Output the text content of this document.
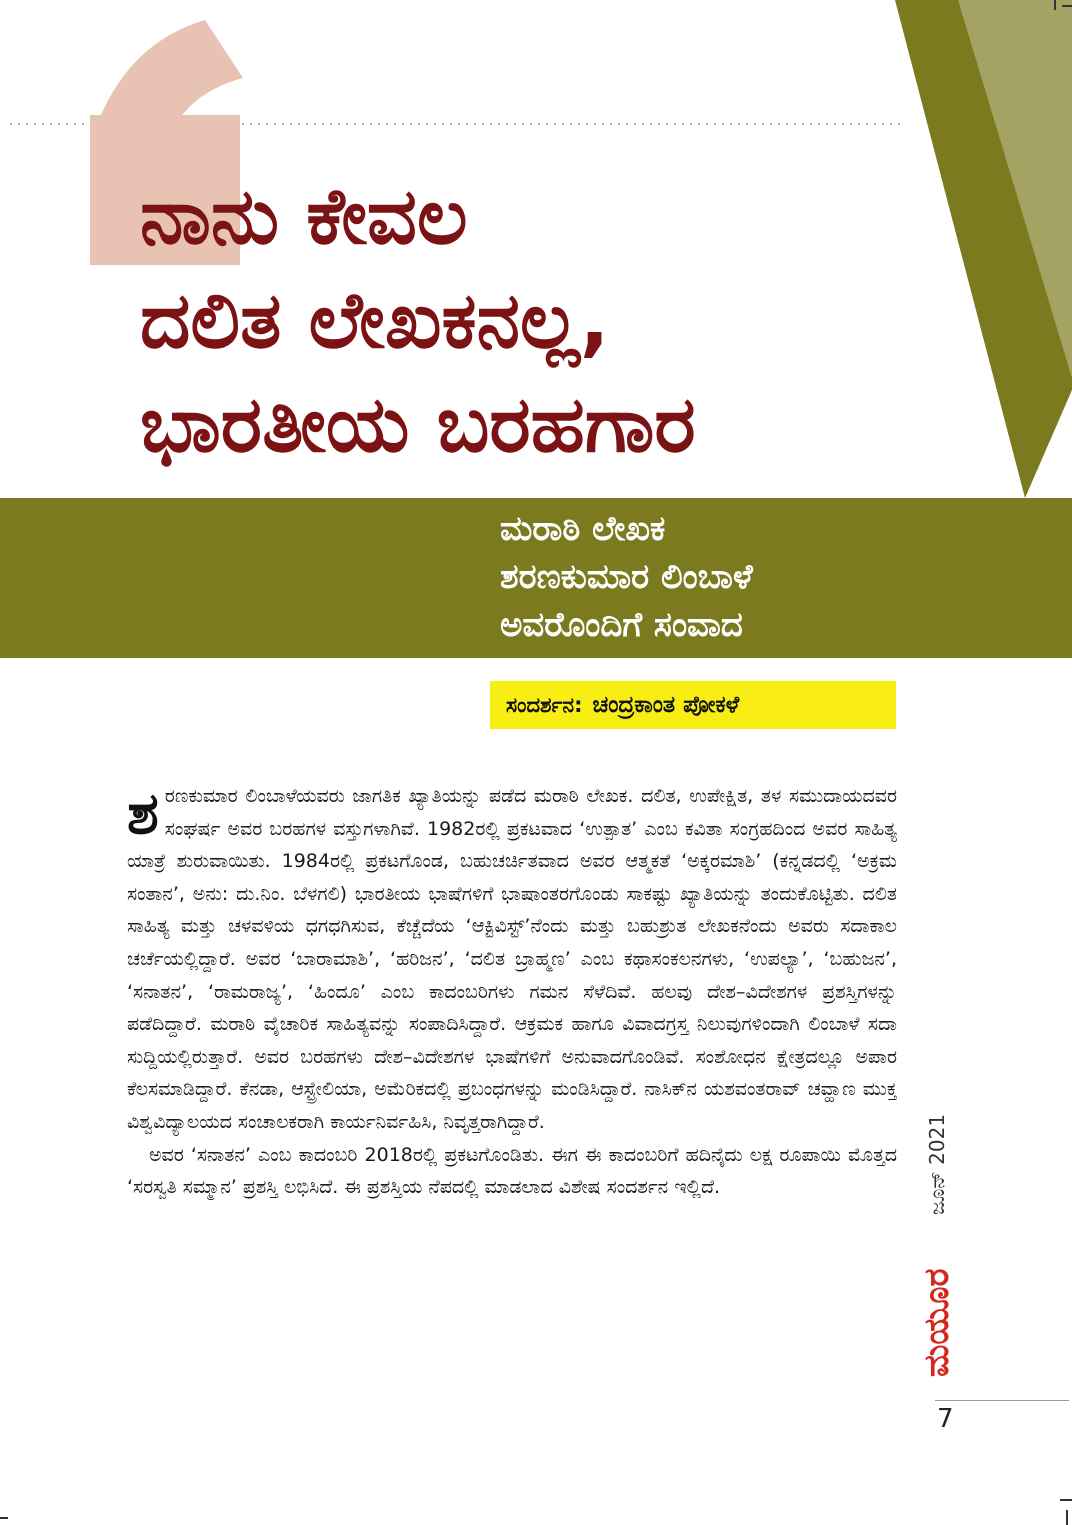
ನಾನು ಕೇವಲ
ದಲಿತ ಲೇಖಕನಲ್ಲ,
ಭಾರತೀಯ ಬರಹಗಾರ
ಮರಾಠಿ ಲೇಖಕ
ಶರಣಕುಮಾರ ಲಿಂಬಾಳೆ
ಅವರೊಂದಿಗೆ ಸಂವಾದ
ಸಂದರ್ಶನ: ಚಂದ್ರಕಾಂತ ಪೋಕಳೆ

ಶ ರಣಕುಮಾರ ಲಿಂಬಾಳೆಯವರು ಜಾಗತಿಕ ಖ್ಯಾತಿಯನ್ನು ಪಡೆದ ಮರಾಠಿ ಲೇಖಕ. ದಲಿತ, ಉಪೇಕ್ಷಿತ, ತಳ ಸಮುದಾಯದವರ ಸಂಘರ್ಷ ಅವರ ಬರಹಗಳ ವಸ್ತುಗಳಾಗಿವೆ. 1982ರಲ್ಲಿ ಪ್ರಕಟವಾದ ‘ಉತ್ಪಾತ’ ಎಂಬ ಕವಿತಾ ಸಂಗ್ರಹದಿಂದ ಅವರ ಸಾಹಿತ್ಯ ಯಾತ್ರೆ ಶುರುವಾಯಿತು. 1984ರಲ್ಲಿ ಪ್ರಕಟಗೊಂಡ, ಬಹುಚರ್ಚಿತವಾದ ಅವರ ಆತ್ಮಕತೆ ‘ಅಕ್ಕರಮಾಶಿ’ (ಕನ್ನಡದಲ್ಲಿ ‘ಅಕ್ರಮ ಸಂತಾನ’, ಅನು: ದು.ನಿಂ. ಬೆಳಗಲಿ) ಭಾರತೀಯ ಭಾಷೆಗಳಿಗೆ ಭಾಷಾಂತರಗೊಂಡು ಸಾಕಷ್ಟು ಖ್ಯಾತಿಯನ್ನು ತಂದುಕೊಟ್ಟಿತು. ದಲಿತ ಸಾಹಿತ್ಯ ಮತ್ತು ಚಳವಳಿಯ ಧಗಧಗಿಸುವ, ಕೆಚ್ಚೆದೆಯ ‘ಆಕ್ಟಿವಿಸ್ಟ್’ನೆಂದು ಮತ್ತು ಬಹುಶ್ರುತ ಲೇಖಕನೆಂದು ಅವರು ಸದಾಕಾಲ ಚರ್ಚೆಯಲ್ಲಿದ್ದಾರೆ. ಅವರ ‘ಬಾರಾಮಾಶಿ’, ‘ಹರಿಜನ’, ‘ದಲಿತ ಬ್ರಾಹ್ಮಣ’ ಎಂಬ ಕಥಾಸಂಕಲನಗಳು, ‘ಉಪಲ್ಯಾ’, ‘ಬಹುಜನ’, ‘ಸನಾತನ’, ‘ರಾಮರಾಜ್ಯ’, ‘ಹಿಂದೂ’ ಎಂಬ ಕಾದಂಬರಿಗಳು ಗಮನ ಸೆಳೆದಿವೆ. ಹಲವು ದೇಶ–ವಿದೇಶಗಳ ಪ್ರಶಸ್ತಿಗಳನ್ನು ಪಡೆದಿದ್ದಾರೆ. ಮರಾಠಿ ವೈಚಾರಿಕ ಸಾಹಿತ್ಯವನ್ನು ಸಂಪಾದಿಸಿದ್ದಾರೆ. ಆಕ್ರಮಕ ಹಾಗೂ ವಿವಾದಗ್ರಸ್ತ ನಿಲುವುಗಳಿಂದಾಗಿ ಲಿಂಬಾಳೆ ಸದಾ ಸುದ್ದಿಯಲ್ಲಿರುತ್ತಾರೆ. ಅವರ ಬರಹಗಳು ದೇಶ–ವಿದೇಶಗಳ ಭಾಷೆಗಳಿಗೆ ಅನುವಾದಗೊಂಡಿವೆ. ಸಂಶೋಧನ ಕ್ಷೇತ್ರದಲ್ಲೂ ಅಪಾರ ಕೆಲಸಮಾಡಿದ್ದಾರೆ. ಕೆನಡಾ, ಆಸ್ಟ್ರೇಲಿಯಾ, ಅಮೆರಿಕದಲ್ಲಿ ಪ್ರಬಂಧಗಳನ್ನು ಮಂಡಿಸಿದ್ದಾರೆ. ನಾಸಿಕ್‌ನ ಯಶವಂತರಾವ್ ಚವ್ಹಾಣ ಮುಕ್ತ ವಿಶ್ವವಿದ್ಯಾಲಯದ ಸಂಚಾಲಕರಾಗಿ ಕಾರ್ಯನಿರ್ವಹಿಸಿ, ನಿವೃತ್ತರಾಗಿದ್ದಾರೆ.

ಅವರ ‘ಸನಾತನ’ ಎಂಬ ಕಾದಂಬರಿ 2018ರಲ್ಲಿ ಪ್ರಕಟಗೊಂಡಿತು. ಈಗ ಈ ಕಾದಂಬರಿಗೆ ಹದಿನೈದು ಲಕ್ಷ ರೂಪಾಯಿ ಮೊತ್ತದ ‘ಸರಸ್ವತಿ ಸಮ್ಮಾನ’ ಪ್ರಶಸ್ತಿ ಲಭಿಸಿದೆ. ಈ ಪ್ರಶಸ್ತಿಯ ನೆಪದಲ್ಲಿ ಮಾಡಲಾದ ವಿಶೇಷ ಸಂದರ್ಶನ ಇಲ್ಲಿದೆ.	ಜೂನ್ 2021
ಮಯೂರ
7
